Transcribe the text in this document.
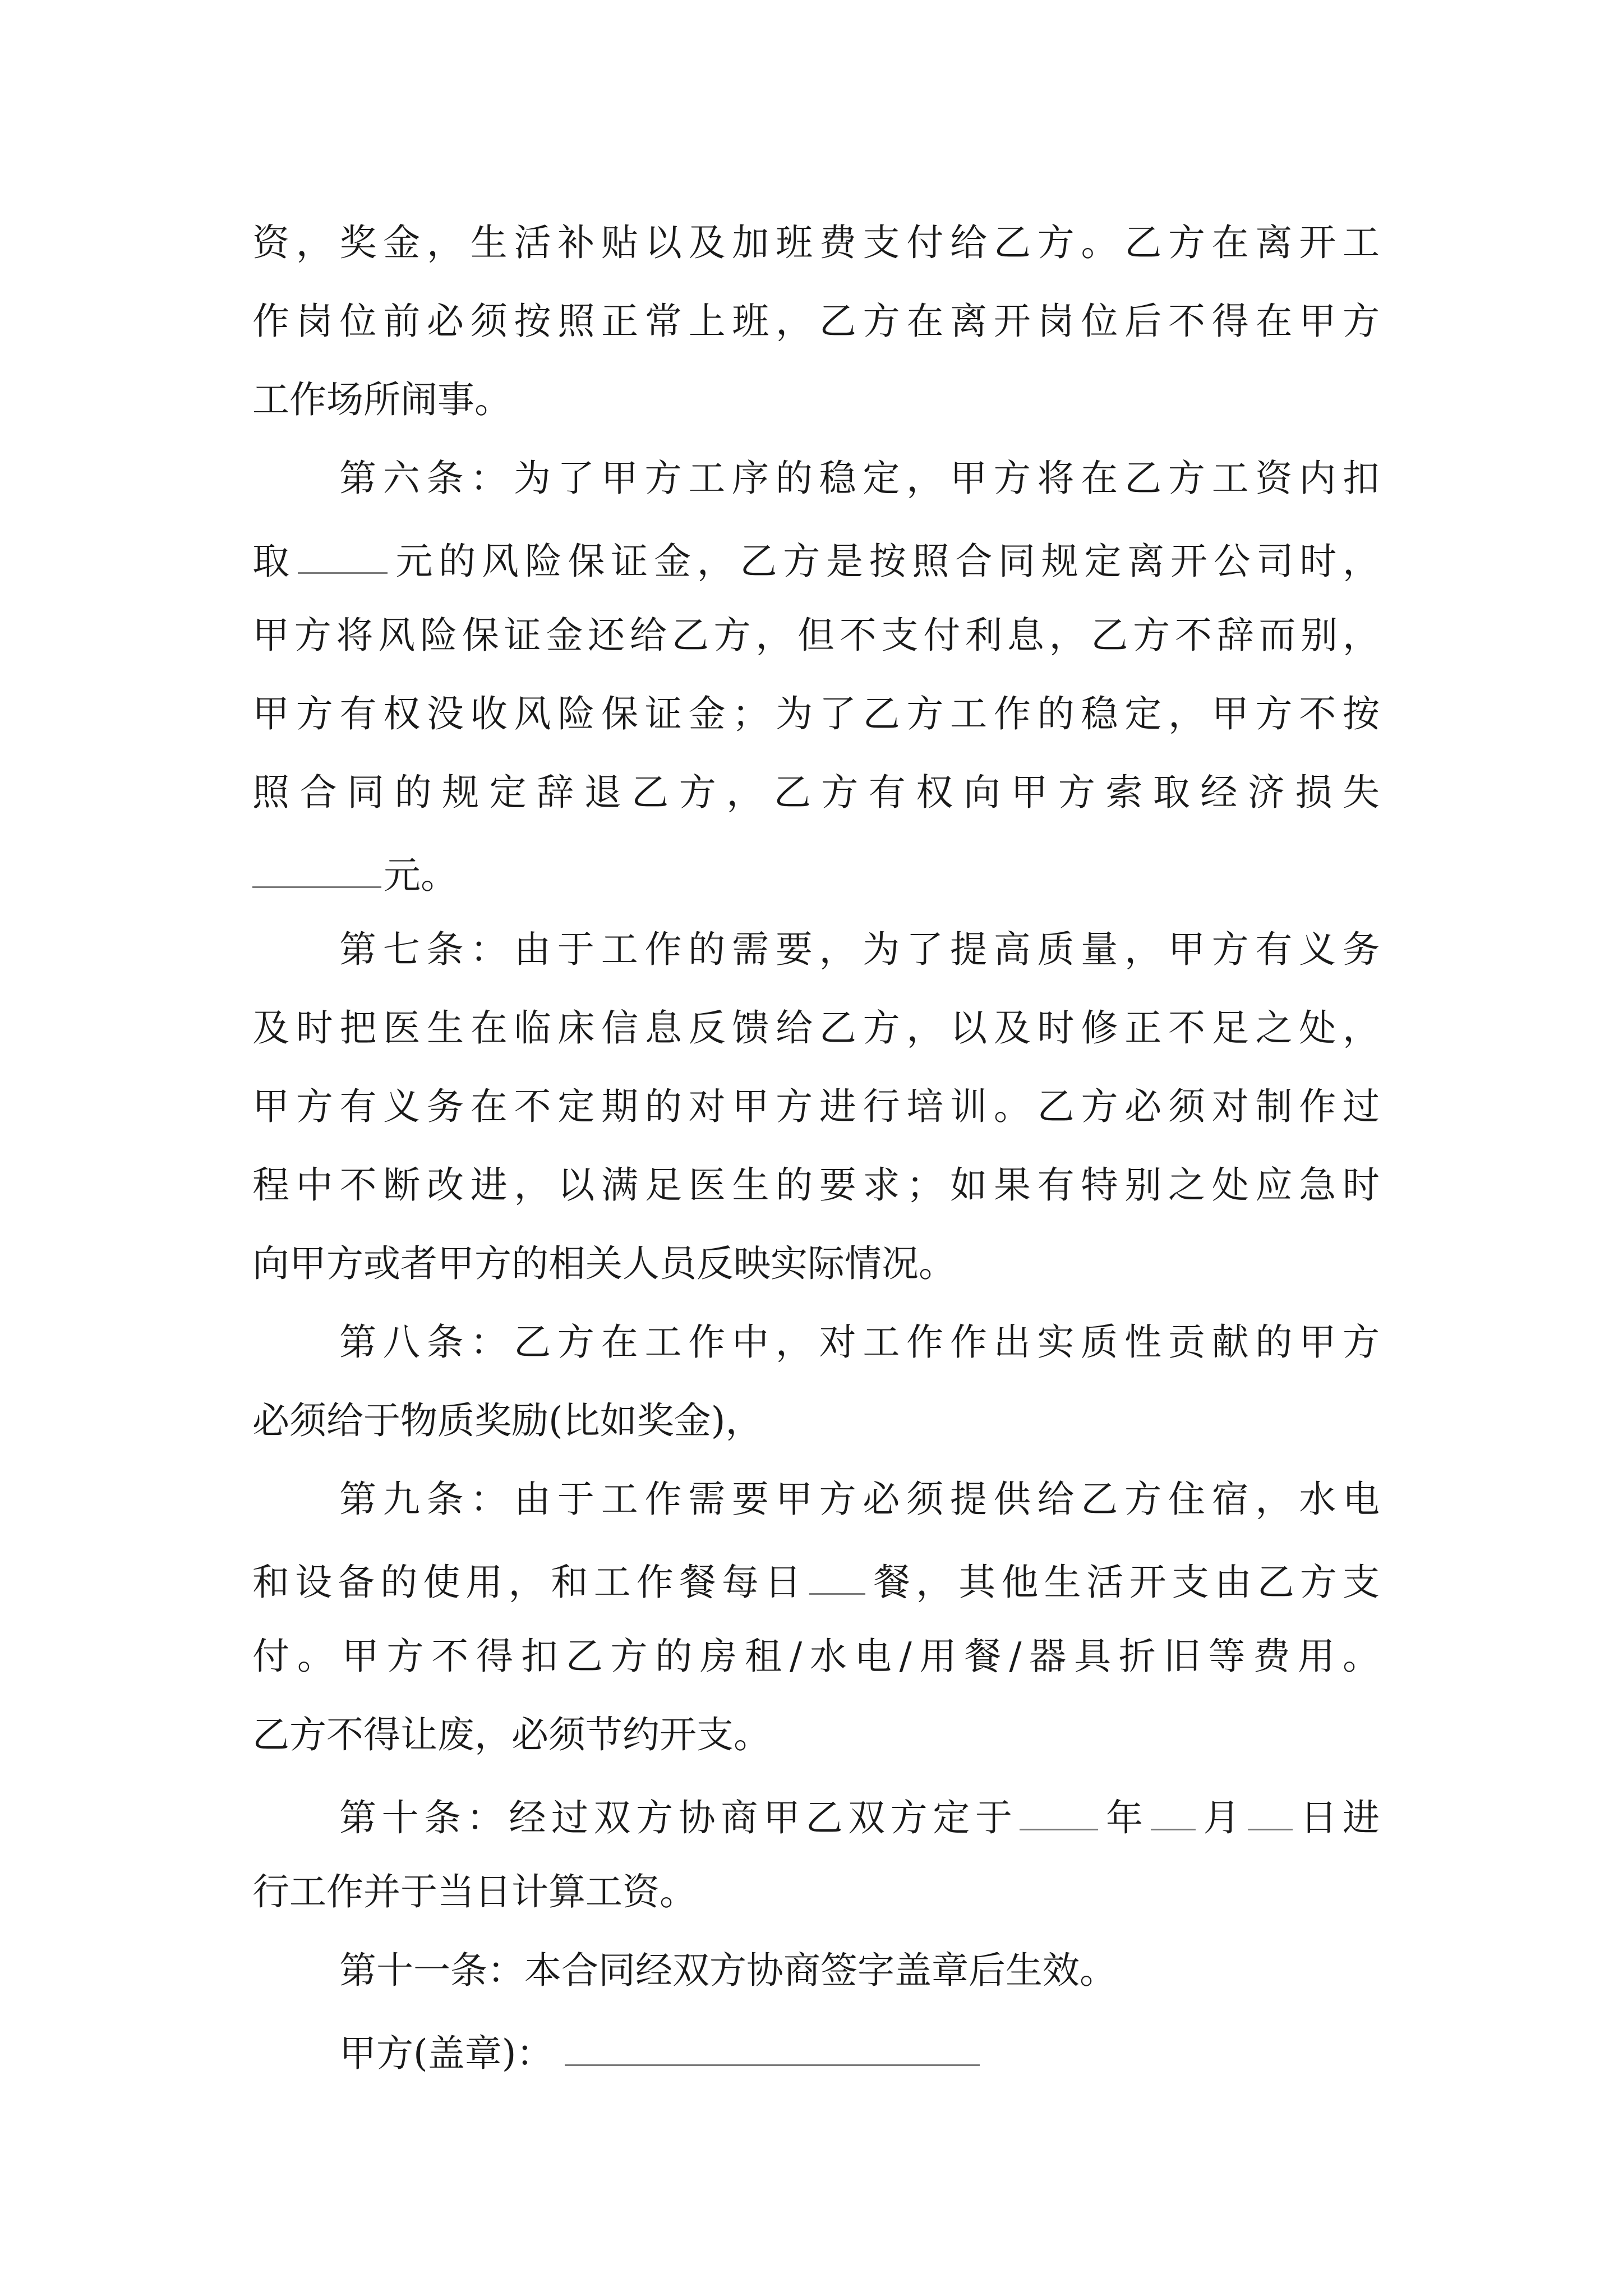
资，奖金，生活补贴以及加班费支付给乙方。乙方在离开工
作岗位前必须按照正常上班，乙方在离开岗位后不得在甲方
工作场所闹事。
第六条：为了甲方工序的稳定，甲方将在乙方工资内扣
取	元的风险保证金，乙方是按照合同规定离开公司时，
甲方将风险保证金还给乙方，但不支付利息，乙方不辞而别，
甲方有权没收风险保证金；为了乙方工作的稳定，甲方不按
照合同的规定辞退乙方，乙方有权向甲方索取经济损失
元。
第七条：由于工作的需要，为了提高质量，甲方有义务
及时把医生在临床信息反馈给乙方，以及时修正不足之处，
甲方有义务在不定期的对甲方进行培训。乙方必须对制作过
程中不断改进，以满足医生的要求；如果有特别之处应急时
向甲方或者甲方的相关人员反映实际情况。
第八条：乙方在工作中，对工作作出实质性贡献的甲方
必须给于物质奖励(比如奖金)，
第九条：由于工作需要甲方必须提供给乙方住宿，水电
和设备的使用，和工作餐每日 餐，其他生活开支由乙方支
付。甲方不得扣乙方的房租/水电/用餐/器具折旧等费用。
乙方不得让废，必须节约开支。
第十条：经过双方协商甲乙双方定于 年 月 日进
行工作并于当日计算工资。
第十一条：本合同经双方协商签字盖章后生效。
甲方(盖章)：
